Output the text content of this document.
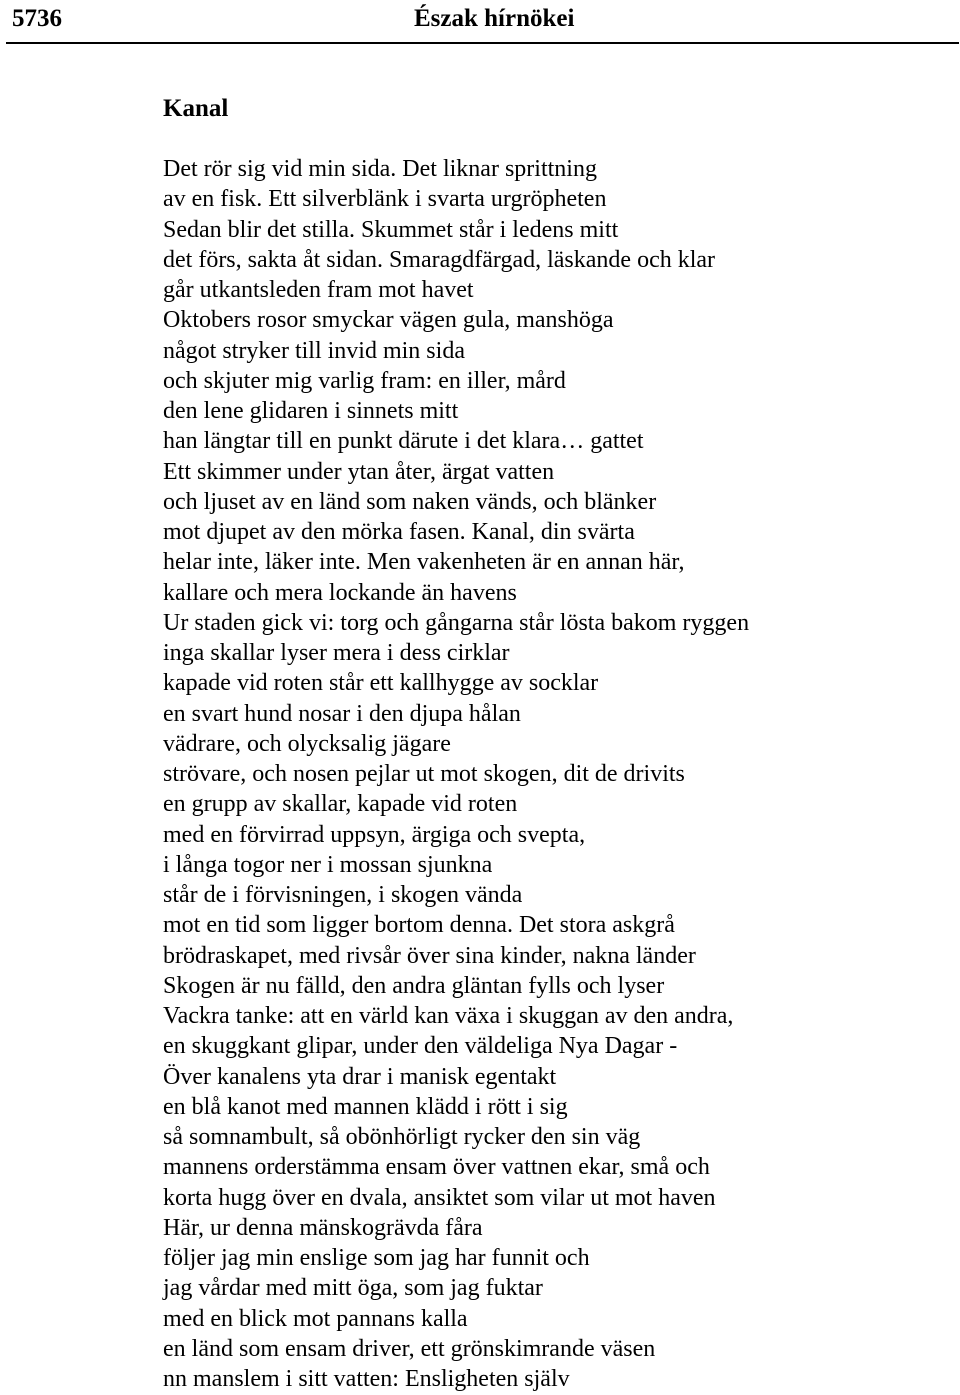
5736	Észak hírnökei
Kanal
Det rör sig vid min sida. Det liknar sprittning
av en fisk. Ett silverblänk i svarta urgröpheten
Sedan blir det stilla. Skummet står i ledens mitt
det förs, sakta åt sidan. Smaragdfärgad, läskande och klar
går utkantsleden fram mot havet
Oktobers rosor smyckar vägen gula, manshöga
något stryker till invid min sida
och skjuter mig varlig fram: en iller, mård
den lene glidaren i sinnets mitt
han längtar till en punkt därute i det klara… gattet
Ett skimmer under ytan åter, ärgat vatten
och ljuset av en länd som naken vänds, och blänker
mot djupet av den mörka fasen. Kanal, din svärta
helar inte, läker inte. Men vakenheten är en annan här,
kallare och mera lockande än havens
Ur staden gick vi: torg och gångarna står lösta bakom ryggen
inga skallar lyser mera i dess cirklar
kapade vid roten står ett kallhygge av socklar
en svart hund nosar i den djupa hålan
vädrare, och olycksalig jägare
strövare, och nosen pejlar ut mot skogen, dit de drivits
en grupp av skallar, kapade vid roten
med en förvirrad uppsyn, ärgiga och svepta,
i långa togor ner i mossan sjunkna
står de i förvisningen, i skogen vända
mot en tid som ligger bortom denna. Det stora askgrå
brödraskapet, med rivsår över sina kinder, nakna länder
Skogen är nu fälld, den andra gläntan fylls och lyser
Vackra tanke: att en värld kan växa i skuggan av den andra,
en skuggkant glipar, under den väldeliga Nya Dagar -
Över kanalens yta drar i manisk egentakt
en blå kanot med mannen klädd i rött i sig
så somnambult, så obönhörligt rycker den sin väg
mannens orderstämma ensam över vattnen ekar, små och
korta hugg över en dvala, ansiktet som vilar ut mot haven
Här, ur denna mänskogrävda fåra
följer jag min enslige som jag har funnit och
jag vårdar med mitt öga, som jag fuktar
med en blick mot pannans kalla
en länd som ensam driver, ett grönskimrande väsen
nn manslem i sitt vatten: Ensligheten själv
